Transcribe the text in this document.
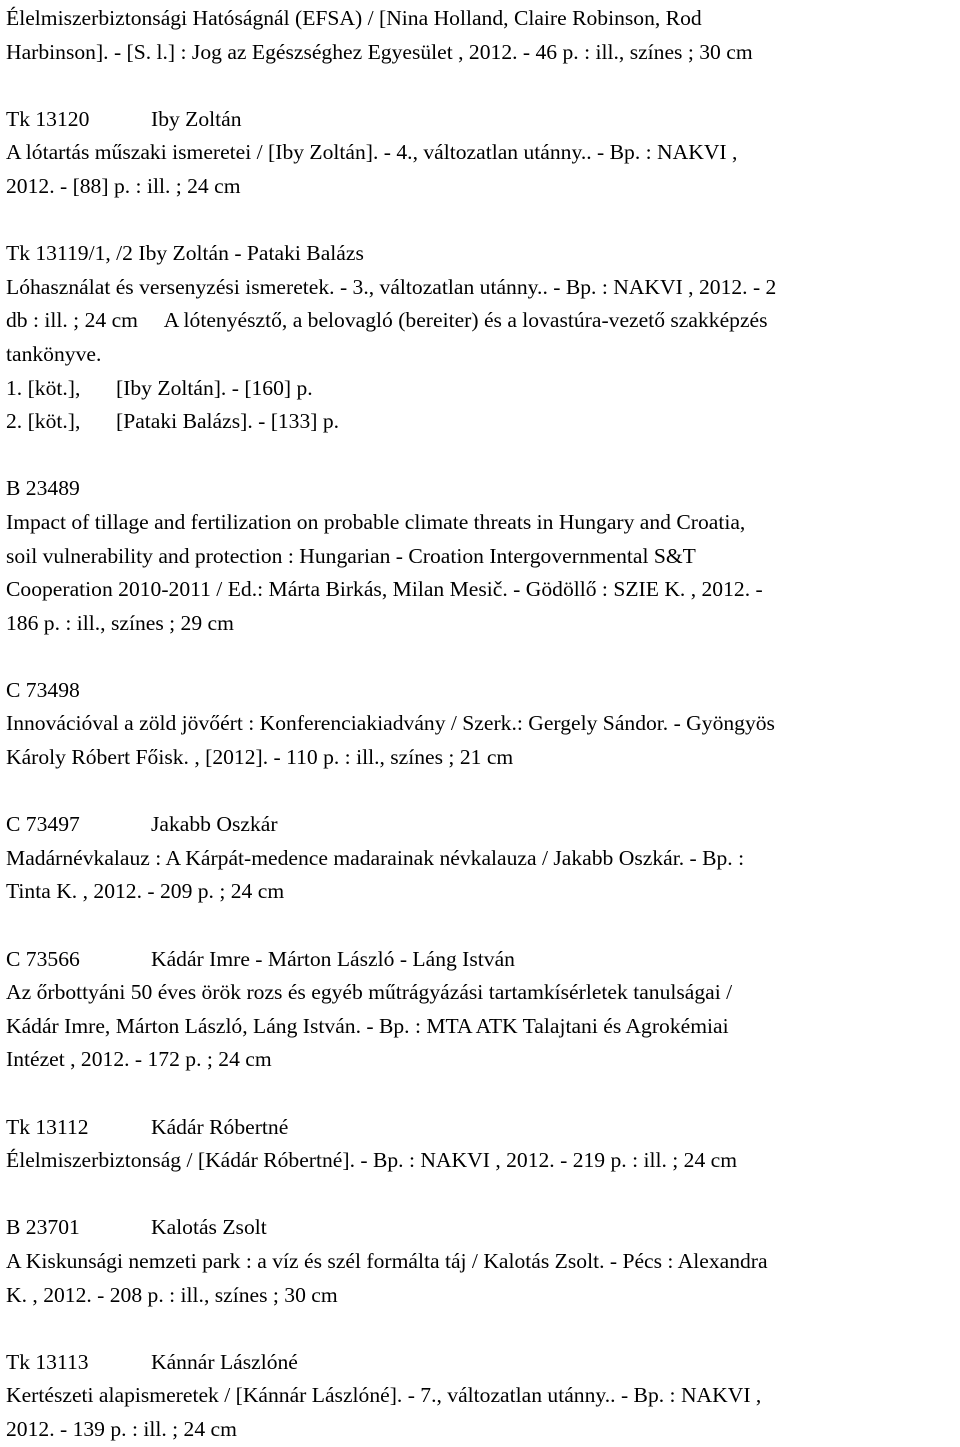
Élelmiszerbiztonsági Hatóságnál (EFSA) / [Nina Holland, Claire Robinson, Rod
Harbinson]. - [S. l.] : Jog az Egészséghez Egyesület , 2012. - 46 p. : ill., színes ; 30 cm
Tk 13120	Iby Zoltán
A lótartás műszaki ismeretei / [Iby Zoltán]. - 4., változatlan utánny.. - Bp. : NAKVI ,
2012. - [88] p. : ill. ; 24 cm
Tk 13119/1, /2 Iby Zoltán - Pataki Balázs
Lóhasználat és versenyzési ismeretek. - 3., változatlan utánny.. - Bp. : NAKVI , 2012. - 2
db : ill. ; 24 cm     A lótenyésztő, a belovagló (bereiter) és a lovastúra-vezető szakképzés
tankönyve.
1. [köt.], [Iby Zoltán]. - [160] p.
2. [köt.], [Pataki Balázs]. - [133] p.
B 23489
Impact of tillage and fertilization on probable climate threats in Hungary and Croatia,
soil vulnerability and protection : Hungarian - Croation Intergovernmental S&T
Cooperation 2010-2011 / Ed.: Márta Birkás, Milan Mesič. - Gödöllő : SZIE K. , 2012. -
186 p. : ill., színes ; 29 cm
C 73498
Innovációval a zöld jövőért : Konferenciakiadvány / Szerk.: Gergely Sándor. - Gyöngyös
Károly Róbert Főisk. , [2012]. - 110 p. : ill., színes ; 21 cm
C 73497	Jakabb Oszkár
Madárnévkalauz : A Kárpát-medence madarainak névkalauza / Jakabb Oszkár. - Bp. :
Tinta K. , 2012. - 209 p. ; 24 cm
C 73566	Kádár Imre - Márton László - Láng István
Az őrbottyáni 50 éves örök rozs és egyéb műtrágyázási tartamkísérletek tanulságai /
Kádár Imre, Márton László, Láng István. - Bp. : MTA ATK Talajtani és Agrokémiai
Intézet , 2012. - 172 p. ; 24 cm
Tk 13112	Kádár Róbertné
Élelmiszerbiztonság / [Kádár Róbertné]. - Bp. : NAKVI , 2012. - 219 p. : ill. ; 24 cm
B 23701	Kalotás Zsolt
A Kiskunsági nemzeti park : a víz és szél formálta táj / Kalotás Zsolt. - Pécs : Alexandra
K. , 2012. - 208 p. : ill., színes ; 30 cm
Tk 13113	Kánnár Lászlóné
Kertészeti alapismeretek / [Kánnár Lászlóné]. - 7., változatlan utánny.. - Bp. : NAKVI ,
2012. - 139 p. : ill. ; 24 cm
